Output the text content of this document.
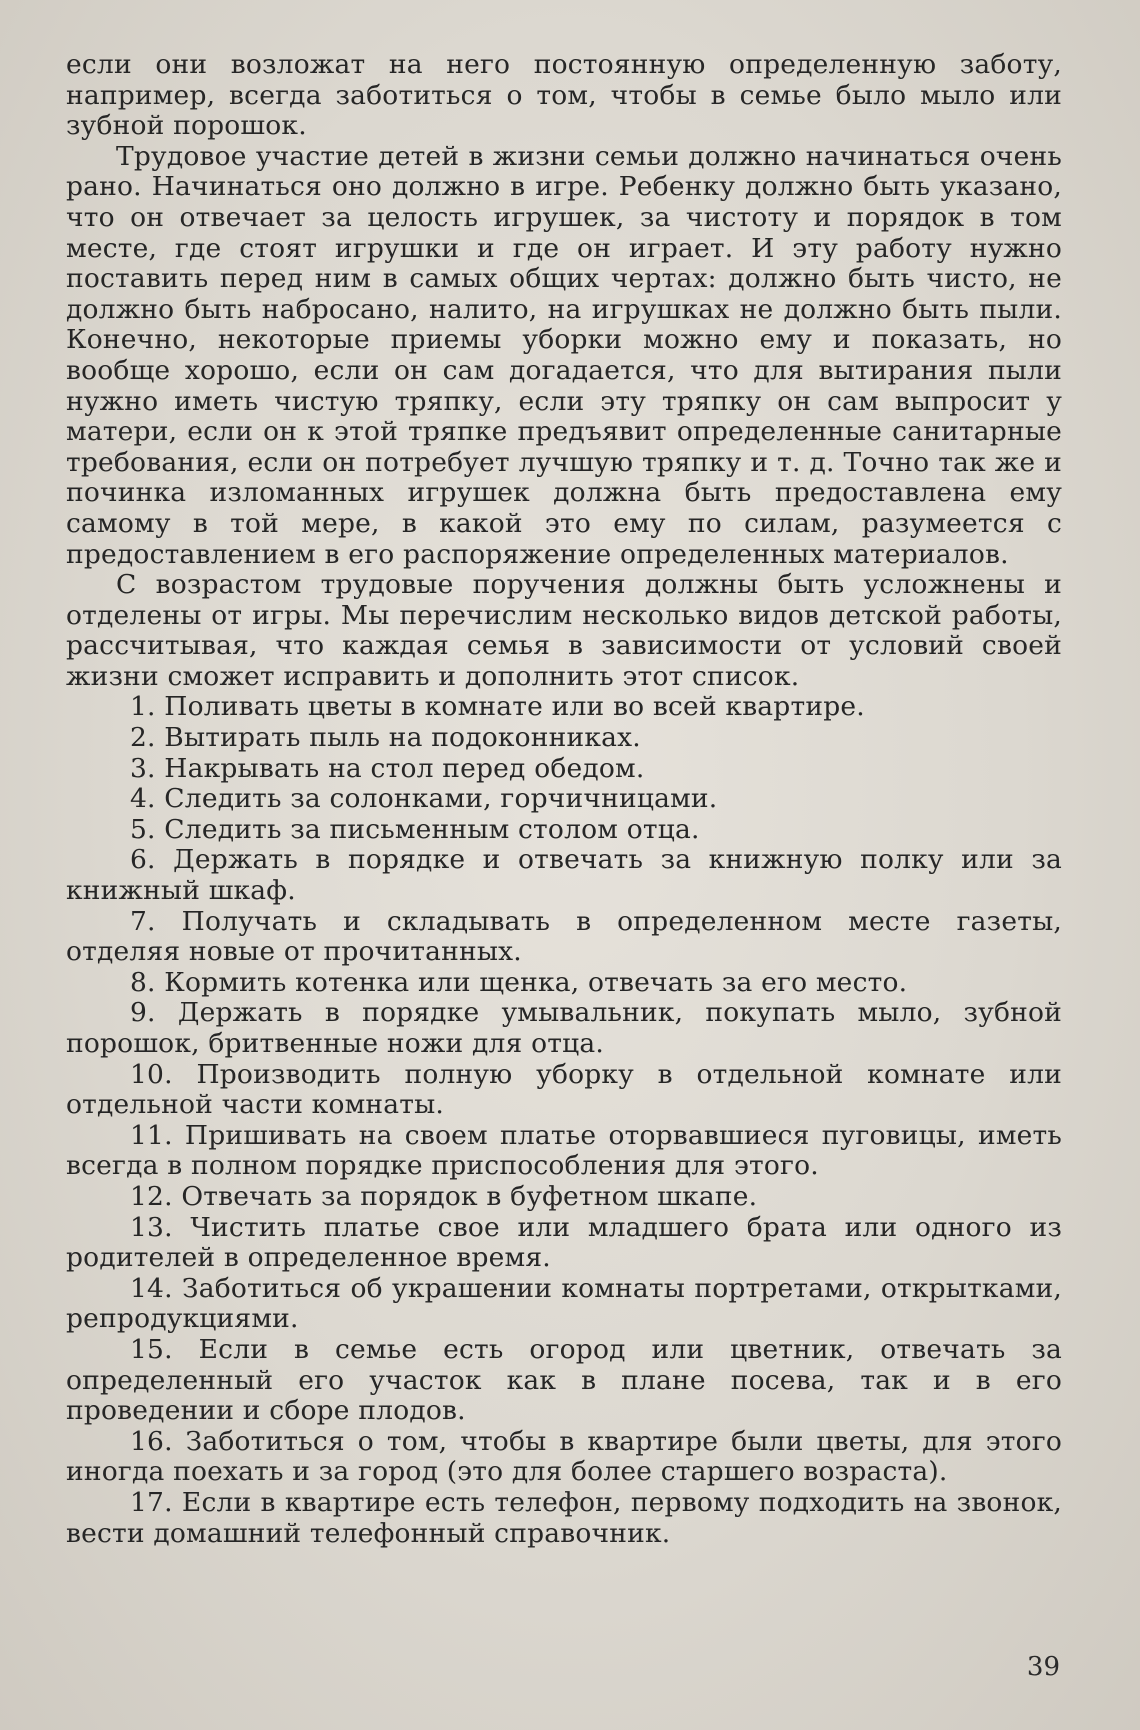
если они возложат на него постоянную определенную заботу, например, всегда заботиться о том, чтобы в семье было мыло или зубной порошок.

Трудовое участие детей в жизни семьи должно начинаться очень рано. Начинаться оно должно в игре. Ребенку должно быть указано, что он отвечает за целость игрушек, за чистоту и порядок в том месте, где стоят игрушки и где он играет. И эту работу нужно поставить перед ним в самых общих чертах: должно быть чисто, не должно быть набросано, налито, на игрушках не должно быть пыли. Конечно, некоторые приемы уборки можно ему и показать, но вообще хорошо, если он сам догадается, что для вытирания пыли нужно иметь чистую тряпку, если эту тряпку он сам выпросит у матери, если он к этой тряпке предъявит определенные санитарные требования, если он потребует лучшую тряпку и т. д. Точно так же и починка изломанных игрушек должна быть предоставлена ему самому в той мере, в какой это ему по силам, разумеется с предоставлением в его распоряжение определенных материалов.

С возрастом трудовые поручения должны быть усложнены и отделены от игры. Мы перечислим несколько видов детской работы, рассчитывая, что каждая семья в зависимости от условий своей жизни сможет исправить и дополнить этот список.

1. Поливать цветы в комнате или во всей квартире.

2. Вытирать пыль на подоконниках.

3. Накрывать на стол перед обедом.

4. Следить за солонками, горчичницами.

5. Следить за письменным столом отца.

6. Держать в порядке и отвечать за книжную полку или за книжный шкаф.

7. Получать и складывать в определенном месте газеты, отделяя новые от прочитанных.

8. Кормить котенка или щенка, отвечать за его место.

9. Держать в порядке умывальник, покупать мыло, зубной порошок, бритвенные ножи для отца.

10. Производить полную уборку в отдельной комнате или отдельной части комнаты.

11. Пришивать на своем платье оторвавшиеся пуговицы, иметь всегда в полном порядке приспособления для этого.

12. Отвечать за порядок в буфетном шкапе.

13. Чистить платье свое или младшего брата или одного из родителей в определенное время.

14. Заботиться об украшении комнаты портретами, открытками, репродукциями.

15. Если в семье есть огород или цветник, отвечать за определенный его участок как в плане посева, так и в его проведении и сборе плодов.

16. Заботиться о том, чтобы в квартире были цветы, для этого иногда поехать и за город (это для более старшего возраста).

17. Если в квартире есть телефон, первому подходить на звонок, вести домашний телефонный справочник.

39
